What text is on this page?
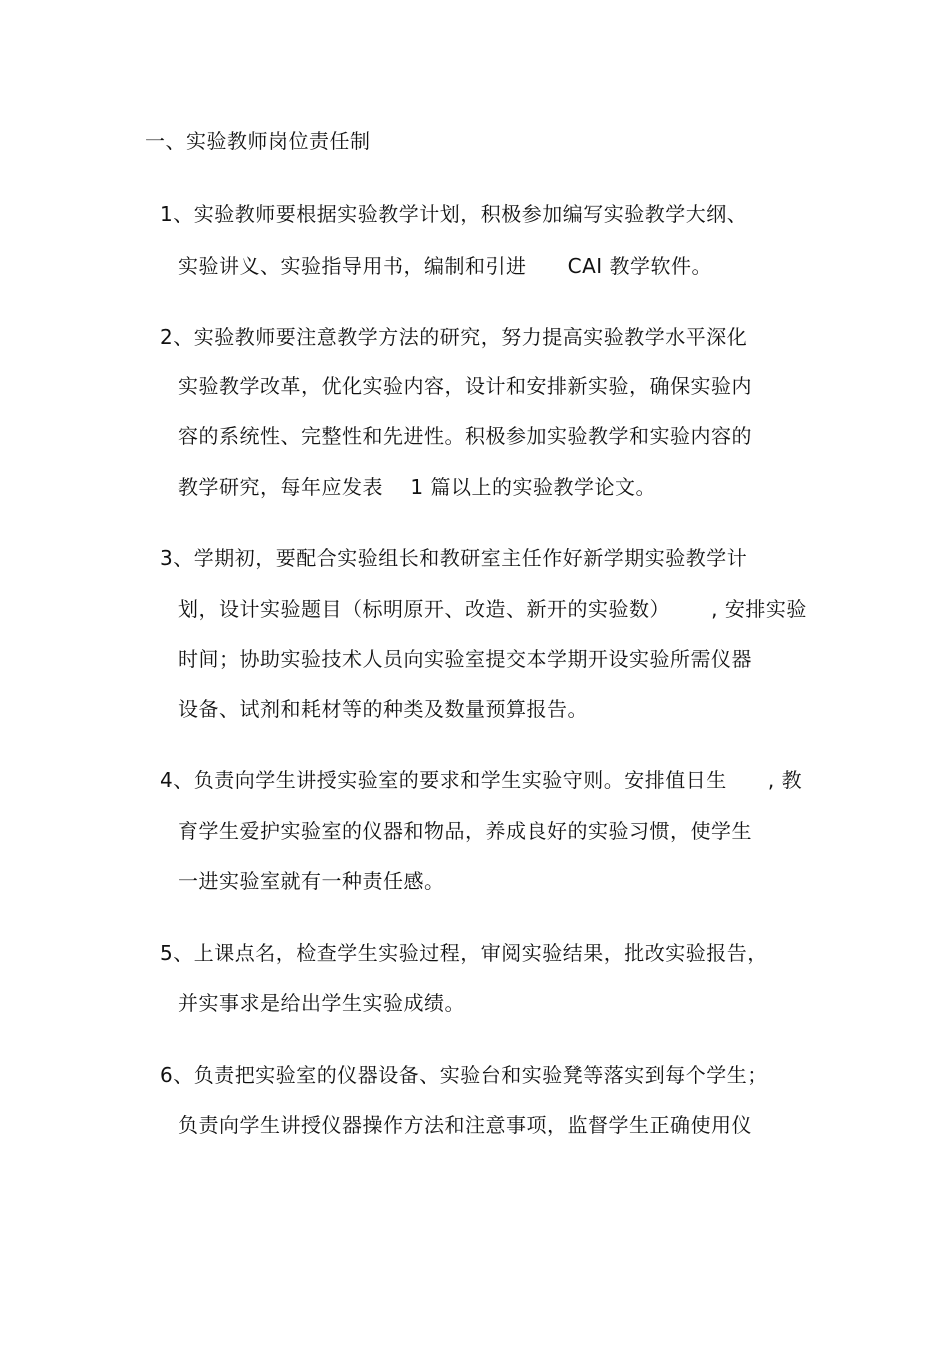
一、实验教师岗位责任制
1、实验教师要根据实验教学计划，积极参加编写实验教学大纲、
实验讲义、实验指导用书，编制和引进      CAI 教学软件。
2、实验教师要注意教学方法的研究，努力提高实验教学水平深化
实验教学改革，优化实验内容，设计和安排新实验，确保实验内
容的系统性、完整性和先进性。积极参加实验教学和实验内容的
教学研究，每年应发表    1 篇以上的实验教学论文。
3、学期初，要配合实验组长和教研室主任作好新学期实验教学计
划，设计实验题目（标明原开、改造、新开的实验数）      , 安排实验
时间；协助实验技术人员向实验室提交本学期开设实验所需仪器
设备、试剂和耗材等的种类及数量预算报告。
4、负责向学生讲授实验室的要求和学生实验守则。安排值日生      , 教
育学生爱护实验室的仪器和物品，养成良好的实验习惯，使学生
一进实验室就有一种责任感。
5、上课点名，检查学生实验过程，审阅实验结果，批改实验报告，
并实事求是给出学生实验成绩。
6、负责把实验室的仪器设备、实验台和实验凳等落实到每个学生；
负责向学生讲授仪器操作方法和注意事项，监督学生正确使用仪
